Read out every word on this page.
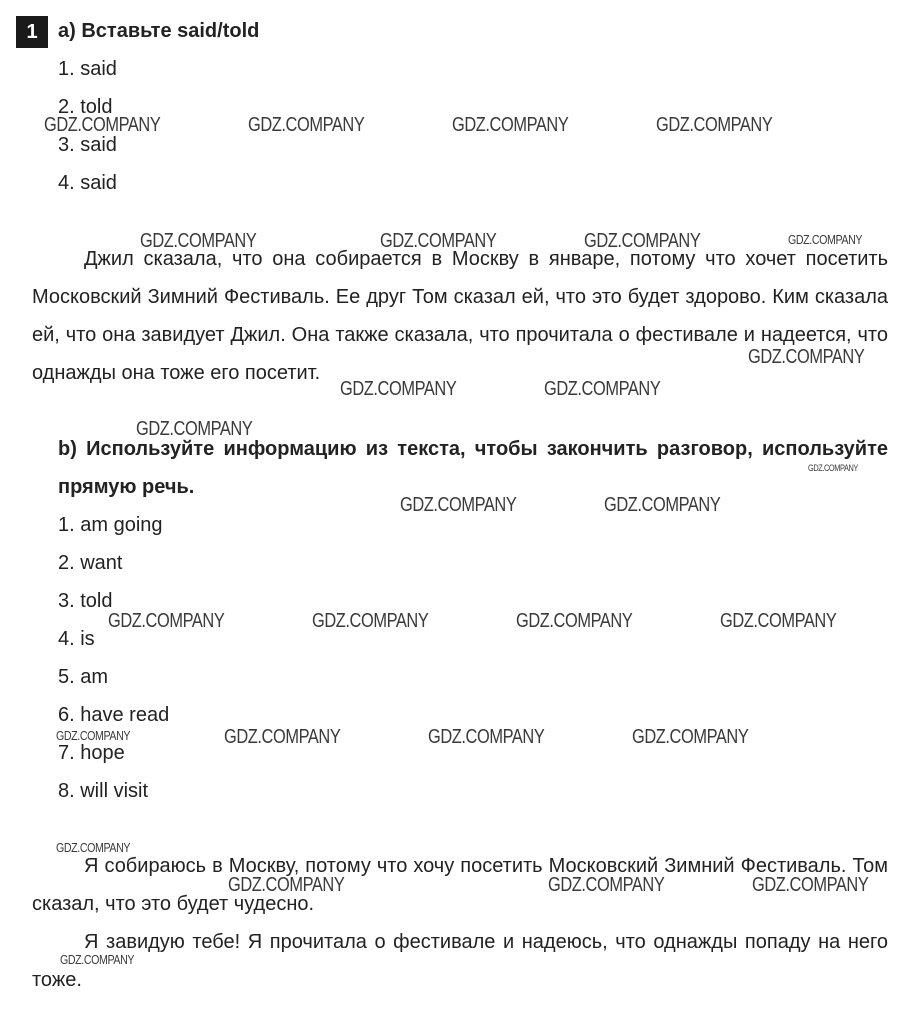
1	a) Вставьте said/told
1. said
2. told
3. said
4. said

Джил сказала, что она собирается в Москву в январе, потому что хочет посетить Московский Зимний Фестиваль. Ее друг Том сказал ей, что это будет здорово. Ким сказала ей, что она завидует Джил. Она также сказала, что прочитала о фестивале и надеется, что однажды она тоже его посетит.

b) Используйте информацию из текста, чтобы закончить разговор, используйте прямую речь.
1. am going
2. want
3. told
4. is
5. am
6. have read
7. hope
8. will visit

Я собираюсь в Москву, потому что хочу посетить Московский Зимний Фестиваль. Том сказал, что это будет чудесно.

Я завидую тебе! Я прочитала о фестивале и надеюсь, что однажды попаду на него тоже.

GDZ.COMPANY	GDZ.COMPANY	GDZ.COMPANY	GDZ.COMPANY
GDZ.COMPANY	GDZ.COMPANY	GDZ.COMPANY	GDZ.COMPANY
GDZ.COMPANY
GDZ.COMPANY	GDZ.COMPANY
GDZ.COMPANY
GDZ.COMPANY
GDZ.COMPANY	GDZ.COMPANY
GDZ.COMPANY	GDZ.COMPANY	GDZ.COMPANY	GDZ.COMPANY
GDZ.COMPANY	GDZ.COMPANY	GDZ.COMPANY	GDZ.COMPANY
GDZ.COMPANY
GDZ.COMPANY	GDZ.COMPANY	GDZ.COMPANY
GDZ.COMPANY
